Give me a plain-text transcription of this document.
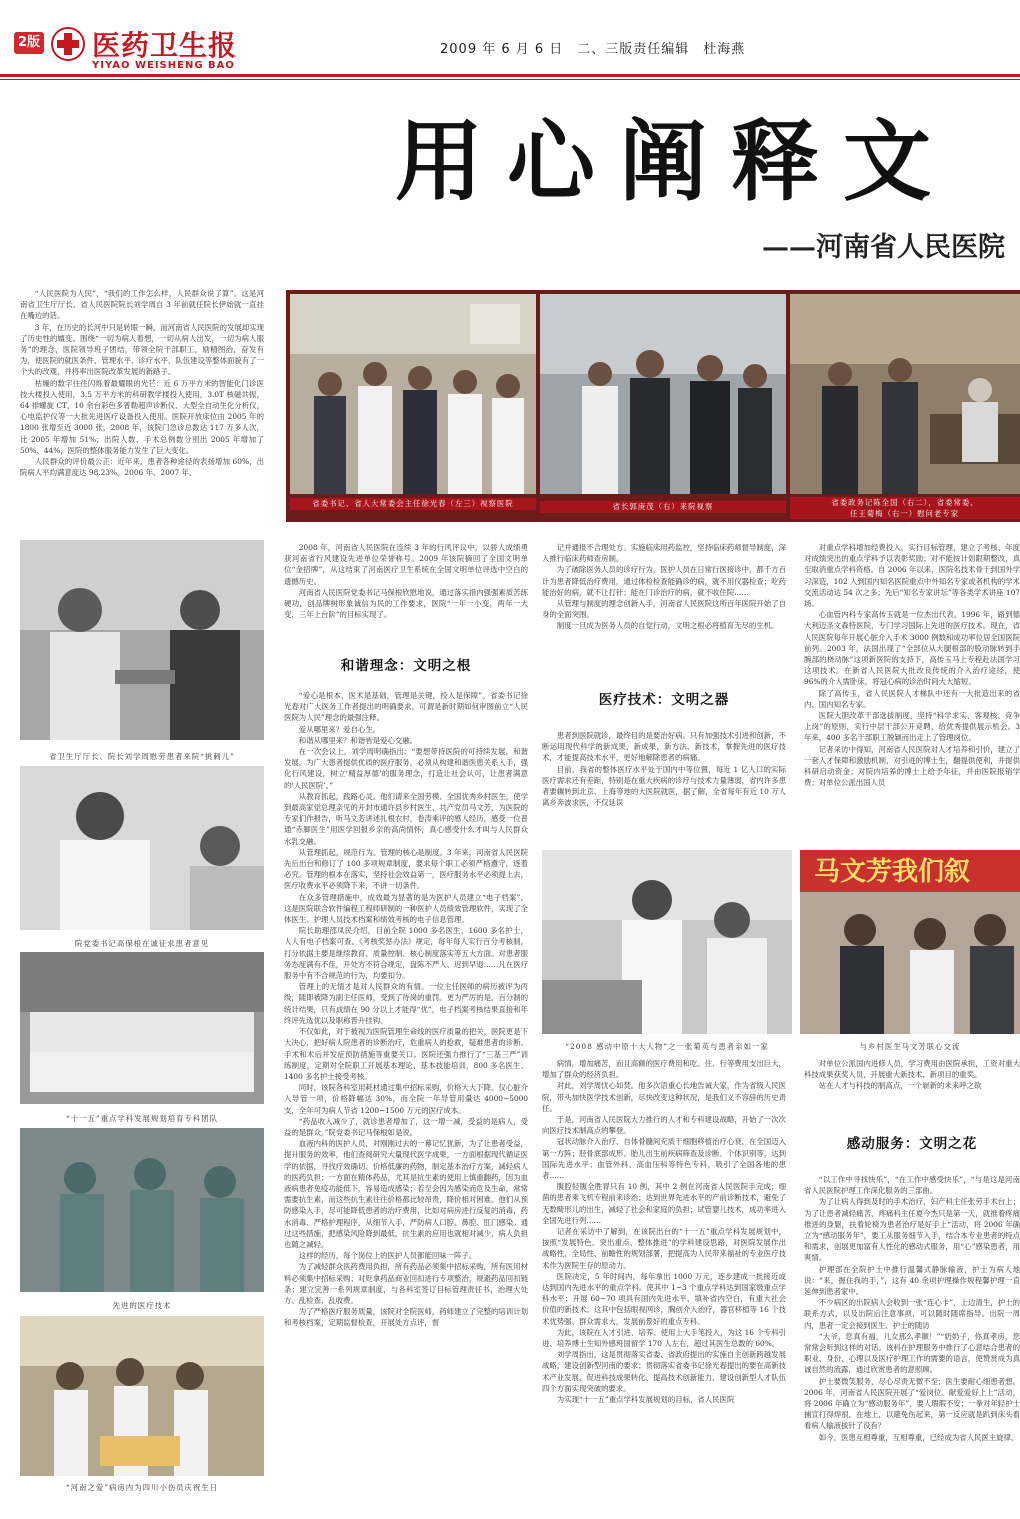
2版 医药卫生报
YIYAO WEISHENG BAO
2009 年 6 月 6 日　二、三版责任编辑　杜海燕
用心阐释文
——河南省人民医院

“人民医院为人民”，“我们的工作怎么样，人民群众说了算”。这是河南省卫生厅厅长、省人民医院院长刘学周自 3 年前就任院长伊始就一直挂在嘴边的话。

3 年，在历史的长河中只是转眼一瞬，而河南省人民医院的发展却实现了历史性的嬗变。围绕“一切为病人着想，一切从病人出发，一切为病人服务”的理念，医院领导班子团结，带领全院干部职工，励精图治，奋发有为，使医院的就医条件、管理水平、诊疗水平、队伍建设等整体面貌有了一个大的改观，并将率出医院改革发展的新路子。

枯燥的数字往往闪烁着最耀眼的光芒：近 6 万平方米的智能化门诊医技大楼投入使用，3.5 万平方米的科研教学楼投入使用，3.0T 核磁共振，64 排螺旋 CT，10 余台彩色多普勒超声诊断仪、大型全自动生化分析仪，心电监护仪等一大批先进医疗设备投入使用。医院开放床位由 2005 年的 1800 张增至近 3000 张，2008 年，该院门急诊总数达 117 万多人次，比 2005 年增加 51%；出院人数、手术总例数分别出 2005 年增加了 50%、44%，医院的整体服务能力发生了巨大变化。

人民群众的评价最公正：近年来，患者各种途径的表扬增加 60%，出院病人平均满意度达 98.23%。2006 年、2007 年、

省委书记、省人大常委会主任徐光春（左三）视察医院	省长郭庚茂（右）来院视察	省委政务记陈全国（右二），省委常委、
任王菊梅（右一）慰问老专家
省卫生厅厅长、院长刘学周慰劳患者来院“挑刺儿”
院党委书记高保根在诚征求患者意见
“十一五”重点学科发展规划培育专科团队
先进的医疗技术
“河南之爱”病房内为四川小伤员庆祝生日

2008 年，河南省人民医院在连续 3 年的行风评议中，以骄人成绩勇获河南省行风建设先进单位荣誉称号。2009 年该院摘回了全国文明单位“金招牌”，从这结束了河南医疗卫生系统在全国文明单位评选中空白的遗憾历史。

河南省人民医院党委书记马保根欣慰地说，通过落实措内强强素质苦练硬功，创品牌树形象诚信为民的工作要求，医院“一年一小变，两年一大变，三年上台阶”的目标实现了。

和谐理念：文明之根

“爱心是根本，医术是基础，管理是关键，投入是保障”。省委书记徐光春对广大医务工作者提出的明确要求，可谓是新时期如何审图前立“人民医院为人民”理念的最强注释。

爱从哪里来？爱自心生。

和谐从哪里来？和谐皆是爱心交融。

在一次会议上，刘学周明确指出：“要想带持医院的可持续发展，和谐发展，为广大患者提供优质的医疗服务，必须从构建和谐医患关系入手，强化行风建设，树立‘精益厚德’的服务理念，打造让社会认可，让患者满意的‘人民医院’。”

从教育抓起，践路心灵。他们请来全国劳模、全国优秀乡村医生，使学到最高家觉总理亲见的开封市通许县乡村医生、共产党员马文芳，为医院的专家们作报告，听马文芳讲述扎根农村，卷涛乘评的感人经历，感受一位普通“赤脚医生”用医学回报乡亲的高尚情怀，真心感受什么才叫与人民群众水乳交融。

从管理抓起，规范行为。管理的核心是制度。3 年来，河南省人民医院先后出台和修订了 100 多项规章制度，要求每个职工必须严格遵守，逐着必究。管理的根本在落实，坚持社会效益第一，医疗服务水平必须提上去，医疗收费水平必须降下来，不讲一切条件。

在众多管理措施中，成效最为显著的是为医护人员建立“电子档案”。这是医院联合软件编程工程师研制的一种医护人员绩效管理软件，实现了全体医生、护理人员技术档案和绩效考核的电子信息管理。

院长助理邵凤民介绍，目前全院 1000 多名医生，1600 多名护士，人人有电子档案可查。《考核奖惩办法》规定，每年每人实行百分考核制，打分依据主要是继续教育、质量控制、核心制度落实等五大方面。对患者服务态度满有不佳，开处方不符合规定，盘陈不严人、迟到早退……凡在医疗服务中有不合规范的行为，均要扣分。

管理上的无情才是对人民群众的有情。一位主任医师的病历被评为丙级，随即被降为副主任医师，受到了待岗的重罚。更为严厉的是，百分制的统计结果，只有成绩在 90 分以上才能得“优”，电子档案考核结果直接和年终评先选优以及职称晋升挂钩。

不仅如此，对于被视为医院管理生命线的医疗质量的把关，医院更是下大决心，把好病人院患者的诊断治疗，危重病人的抢救，疑难患者的诊断、手术和术后并发症预防措施等重要关口。医院还强力推行了“三基三严”训练制度，定期对全院职工开展基本理论、基本技能培训，800 多名医生、1400 多名护士接受考核。

同时，该院各科室用耗材通过集中招标采购，价格大大下降。仅心脏介入导管一项，价格降幅达 30%，而全院一年导管用量达 4000~5000 支，全年可为病人节省 1200~1500 万元的医疗成本。

“药品收入减少了，就诊患者增加了，这一增一减，受益的是病人，受益的是群众。”院党委书记马保根如是说。

血液内科的医护人员，对刚刚过去的一幕记忆犹新，为了让患者受益，提升服务的效率，他们查阅研究大量现代医学成果，一方面根据现代循证医学的依据，寻找疗效确切、价格低廉的药物，制定基本治疗方案，减轻病人的医药负担；一方面在精体药品，尤其是抗生素的使用上慎重翻药，因为血液病患者免疫功能低下，容易造成感染；若至会因为感染而危及生命，常常需要抗生素，而这些抗生素往往价格都比较昂贵，降价相对困难。他们从预防感染入手，尽可能降低患者的治疗费用，比如对病房进行反复的消毒，药水消毒、严格护理程序，从细节入手，严防病人口腔、鼻腔、肛门感染。通过这些措施，把感染风险降到最低，抗生素的应用也就相对减少，病人负担也随之减轻。

这样的经历，每个岗位上的医护人员都能回味一阵子。

为了减轻群众医药费用负担，所有药品必须集中招标采购，所有医用材料必须集中招标采购；对贬拿药品商业回扣进行专项整治，规避药品回扣链条；建立完善一系列规章制度，与各科室签订目标管理责任书，治理大处方、乱检查、乱收费。

为了严格医疗服务质量，该院对全院医师，药师建立了完整的培训计划和考核档案，定期监督检查，开展处方点评，督

记并通报不合理处方。实施临床用药监控，坚持临床药师督导制度，深入推行临床药师查房制。

为了破除医务人员的诊疗行为，医护人员在日常行医接诊中，都千方百计为患者降低治疗费用，通过体检检查能确诊的病，就不用仪器检查；吃药能治好的病，就不让打针；能在门诊治疗的病，就不收住院……

从管理与制度的理念创新入手，河南省人民医院这所百年医院开始了自身的全面突围。

制度一旦成为医务人员的自觉行动，文明之根必将植育无尽的生机。

医疗技术：文明之器

患者到医院就诊，最终目的是要治好病。只有加强技术引进和创新，不断运用现代科学的新成果，新成果，新方法、新技术，掌握先进的医疗技术，才能提高技术水平，更好地解除患者的病痛。

目前，我省的整体医疗水平处于国内中等位置，每近 1 亿人口的实际医疗需求还有差距，特别是在重大疾病的诊疗与技术力量薄弱，省内许多患者要辗转到北京、上海等地的大医院就医，据了解，全省每年有近 10 万人离乡奔波求医，不仅延误

“2008 感动中原十大人物”之一张菊英与患者亲如一家

病情，增加痛苦，而且高额的医疗费用和吃、住、行等费用支出巨大，增加了群众的经济负担。

对此，刘学周忧心如焚。他多次语重心长地告诫大家，作为省级人民医院，带头加快医学技术创新，尽快改变这种状况，是我们义不容辞的历史责任。

于是，河南省人民医院大力推行的人才和专科建设战略，开始了一次次向医疗技术制高点的攀登。

冠状动脉介入治疗、自体骨髓间充质干细胞移植治疗心衰，在全国迈入第一方阵；胫骨底部成形、胎儿出生前疾病筛查及诊断、个体识别等，达到国际先进水平；血管外科、高血压科等特色专科，吸引了全国各地的患者……

腹腔轻腹全胜胃只有 10 例，其中 2 例在河南省人民医院手完成；细菌的患者乘飞机专程前来诊治；达到世界先进水平的产前诊断技术，避免了无数畸形儿的出生，减轻了社会和家庭的负担；试管婴儿技术，成功率进入全国先进行列……

记者在采访中了解到，在该院出台的“十一五”重点学科发展规划中，按照“发展特色、突出重点、整体推进”的学科建设思路，对医院发展作出战略性、全局性、前瞻性的规划部署，把提高为人民带来福祉的专业医疗技术作为医院生存的原动力。

医院决定，5 年时间内，每年拿出 1000 万元，逐步建成一批接近或达到国内先进水平的重点学科。使其中 1~3 个重点学科达到国家级重点学科水平；开展 60~70 项具有国内先进水平、填补省内空白，有重大社会价值的新技术。这其中包括眼视网诊，胸创介入治疗，器官移植等 16 个技术优势强、群众需求大，发展前景好的重点专科。

为此，该院在人才引进、培养、使用上大手笔投入，为这 16 个专科引进、培养博士生知外感班国留学 170 人左右，超过其医生总数的 60%。

刘学周指出，这是贯彻落实省委、省政府提出的实施自主创新跨越发展战略，建设创新型河南的要求；贯彻落实省委书记徐光春提出的要在高新技术产业发展、促进科技成果转化、提高技术创新能力、建设创新型人才队伍四个方面实现突破的要求。

为实现“十一五”重点学科发展规划的目标，省人民医院

对重点学科增加经费投入，实行目标管理，建立了考核、年度对成绩突出的重点学科予以表彰奖励；对不能按计划限期整改，真至取消重点学科资格。自 2006 年以来，医院名技术骨干到国外学习深造，102 人到国内知名医院重点中外知名专家或者机构的学术交流活动达 54 次之多；先后“知名专家讲坛”等各类学术讲座 107 场。

心血管内科专家高传玉就是一位杰出代表。1996 年，路到德大利迈圣文森特医院，专门学习国际上先进的医疗技术。现在，省人民医院每年开展心脏介入手术 3000 例数和成功率位居全国医院前列。2003 年，法国出现了“全部位从大腿根部的股动脉转到手腕部的桡动脉”这项新医院的支持下，高传玉马上专程赴法国学习这项技术。在新省人民医院大批改良传统的介入治疗途径，使 96%的介入需卧床，将冠心病的诊治时间大大缩短。

除了高传玉，省人民医院人才梯队中还有一大批造出来的省内、国内知名专家。

医院大胆改革干部选拔制度，坚持“科学求实、客观核、竞争上岗”的原则，实行中层干部公开竞聘，给优秀提供展示机会。3 年来，400 多名干部职工脱颖而出走上了管理岗位。

记者采访中得知，河南省人民医院对人才培养和引价，建立了一套人才保障和激励机制，对引进的博士生，翻提供使利，并提供科研启动资金；对院内培养的博士上给予年征，并由医院报销学费；对单位公派出国人员

马文芳我们叙
与乡村医生马文芳联心交流

对单位公派国内进修人员，学习费用由医院承担，工资对重大科技成果获奖人员，开展重大新技术、新项目的重奖。

站在人才与科技的制高点，一个崭新的未来呼之欲

感动服务：文明之花

“以工作中寻找快乐”，“在工作中感受快乐”，“与是这是河南省人民医院护理工作深化服务的三部曲。

为了让病人得到及时的手术治疗，妇产科主任张劳手术台上；为了让患者减轻痛苦，疼痛科主任夏今杰只是第一天，就推着疼痛推进的身躯，扶着轮椅为患者治疗是好手上“活动，将 2006 年确立为“感动服务年”，要工从服务细节入手，结合本专业患者的特点和需求，创展更加富有人性化的感动式服务，用“心”感染患者，用爽情。

护理部在全院护士中推行温馨式静脉输液，护士为病人地说：“来，握住我的手，”，这有 40 余项护理操作规程馨护理一直延伸到患者家中。

不少病区的出院病人会收到一张“连心卡”，上边清生，护士的联系方式，以及出院后注意事项，可以随时随席指导。出院一周内，患者一定会接到医生、护士的随访

“大爷，您真有福，儿女那么孝顺！”“奶奶子，你真孝房，您常常会听到这样的对话。该科在护理服务中推行了心意结合患者的职业、身份、心理以及医疗护理工作的需要的语言，使赞赏成为真诚自然的流露，通过欣赏患者的意照顾。

护士要微笑服务，尽心尽责无微不至；医生要耐心细患者想。2006 年，河南省人民医院开展了“爱岗位、献爱爱好上上”活动，将 2006 年确立为“感动服务年”，要人瑕瑕不安；一拳对年轻护士捕宣打得焊很，在地上，以避免伤起来，第一反应就是趴到床头看看病人输液拔针了没有？

如今，医患互相尊重，互相尊重，已经成为省人民医主旋律。
